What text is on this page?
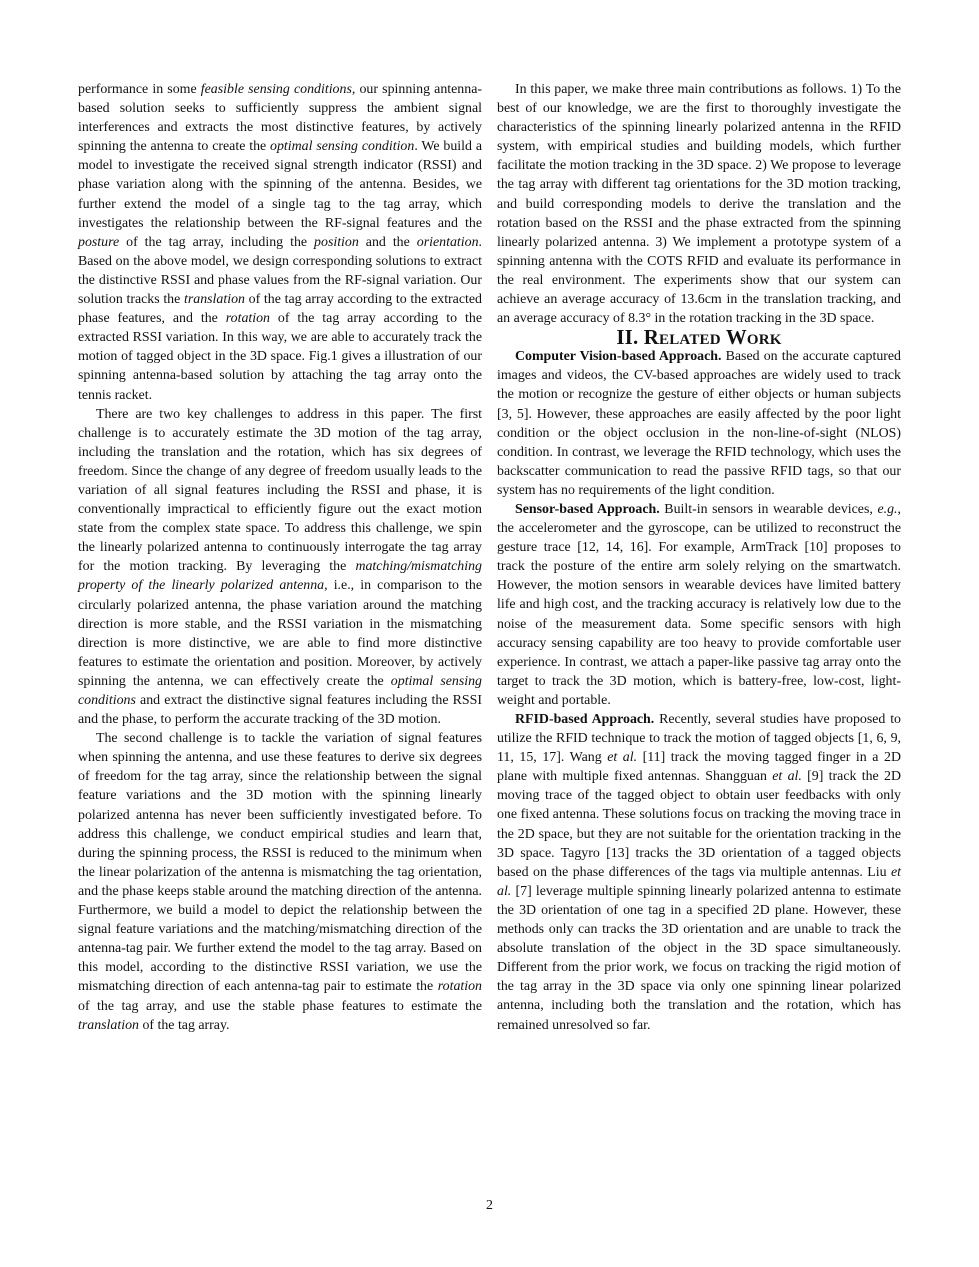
performance in some feasible sensing conditions, our spinning antenna-based solution seeks to sufficiently suppress the ambient signal interferences and extracts the most distinctive features, by actively spinning the antenna to create the optimal sensing condition. We build a model to investigate the received signal strength indicator (RSSI) and phase variation along with the spinning of the antenna. Besides, we further extend the model of a single tag to the tag array, which investigates the relationship between the RF-signal features and the posture of the tag array, including the position and the orientation. Based on the above model, we design corresponding solutions to extract the distinctive RSSI and phase values from the RF-signal variation. Our solution tracks the translation of the tag array according to the extracted phase features, and the rotation of the tag array according to the extracted RSSI variation. In this way, we are able to accurately track the motion of tagged object in the 3D space. Fig.1 gives a illustration of our spinning antenna-based solution by attaching the tag array onto the tennis racket.

There are two key challenges to address in this paper. The first challenge is to accurately estimate the 3D motion of the tag array, including the translation and the rotation, which has six degrees of freedom. Since the change of any degree of freedom usually leads to the variation of all signal features including the RSSI and phase, it is conventionally impractical to efficiently figure out the exact motion state from the complex state space. To address this challenge, we spin the linearly polarized antenna to continuously interrogate the tag array for the motion tracking. By leveraging the matching/mismatching property of the linearly polarized antenna, i.e., in comparison to the circularly polarized antenna, the phase variation around the matching direction is more stable, and the RSSI variation in the mismatching direction is more distinctive, we are able to find more distinctive features to estimate the orientation and position. Moreover, by actively spinning the antenna, we can effectively create the optimal sensing conditions and extract the distinctive signal features including the RSSI and the phase, to perform the accurate tracking of the 3D motion.

The second challenge is to tackle the variation of signal features when spinning the antenna, and use these features to derive six degrees of freedom for the tag array, since the relationship between the signal feature variations and the 3D motion with the spinning linearly polarized antenna has never been sufficiently investigated before. To address this challenge, we conduct empirical studies and learn that, during the spinning process, the RSSI is reduced to the minimum when the linear polarization of the antenna is mismatching the tag orientation, and the phase keeps stable around the matching direction of the antenna. Furthermore, we build a model to depict the relationship between the signal feature variations and the matching/mismatching direction of the antenna-tag pair. We further extend the model to the tag array. Based on this model, according to the distinctive RSSI variation, we use the mismatching direction of each antenna-tag pair to estimate the rotation of the tag array, and use the stable phase features to estimate the translation of the tag array.

In this paper, we make three main contributions as follows. 1) To the best of our knowledge, we are the first to thoroughly investigate the characteristics of the spinning linearly polarized antenna in the RFID system, with empirical studies and building models, which further facilitate the motion tracking in the 3D space. 2) We propose to leverage the tag array with different tag orientations for the 3D motion tracking, and build corresponding models to derive the translation and the rotation based on the RSSI and the phase extracted from the spinning linearly polarized antenna. 3) We implement a prototype system of a spinning antenna with the COTS RFID and evaluate its performance in the real environment. The experiments show that our system can achieve an average accuracy of 13.6cm in the translation tracking, and an average accuracy of 8.3° in the rotation tracking in the 3D space.

II. Related Work

Computer Vision-based Approach. Based on the accurate captured images and videos, the CV-based approaches are widely used to track the motion or recognize the gesture of either objects or human subjects [3, 5]. However, these approaches are easily affected by the poor light condition or the object occlusion in the non-line-of-sight (NLOS) condition. In contrast, we leverage the RFID technology, which uses the backscatter communication to read the passive RFID tags, so that our system has no requirements of the light condition.

Sensor-based Approach. Built-in sensors in wearable devices, e.g., the accelerometer and the gyroscope, can be utilized to reconstruct the gesture trace [12, 14, 16]. For example, ArmTrack [10] proposes to track the posture of the entire arm solely relying on the smartwatch. However, the motion sensors in wearable devices have limited battery life and high cost, and the tracking accuracy is relatively low due to the noise of the measurement data. Some specific sensors with high accuracy sensing capability are too heavy to provide comfortable user experience. In contrast, we attach a paper-like passive tag array onto the target to track the 3D motion, which is battery-free, low-cost, light-weight and portable.

RFID-based Approach. Recently, several studies have proposed to utilize the RFID technique to track the motion of tagged objects [1, 6, 9, 11, 15, 17]. Wang et al. [11] track the moving tagged finger in a 2D plane with multiple fixed antennas. Shangguan et al. [9] track the 2D moving trace of the tagged object to obtain user feedbacks with only one fixed antenna. These solutions focus on tracking the moving trace in the 2D space, but they are not suitable for the orientation tracking in the 3D space. Tagyro [13] tracks the 3D orientation of a tagged objects based on the phase differences of the tags via multiple antennas. Liu et al. [7] leverage multiple spinning linearly polarized antenna to estimate the 3D orientation of one tag in a specified 2D plane. However, these methods only can tracks the 3D orientation and are unable to track the absolute translation of the object in the 3D space simultaneously. Different from the prior work, we focus on tracking the rigid motion of the tag array in the 3D space via only one spinning linear polarized antenna, including both the translation and the rotation, which has remained unresolved so far.

2
